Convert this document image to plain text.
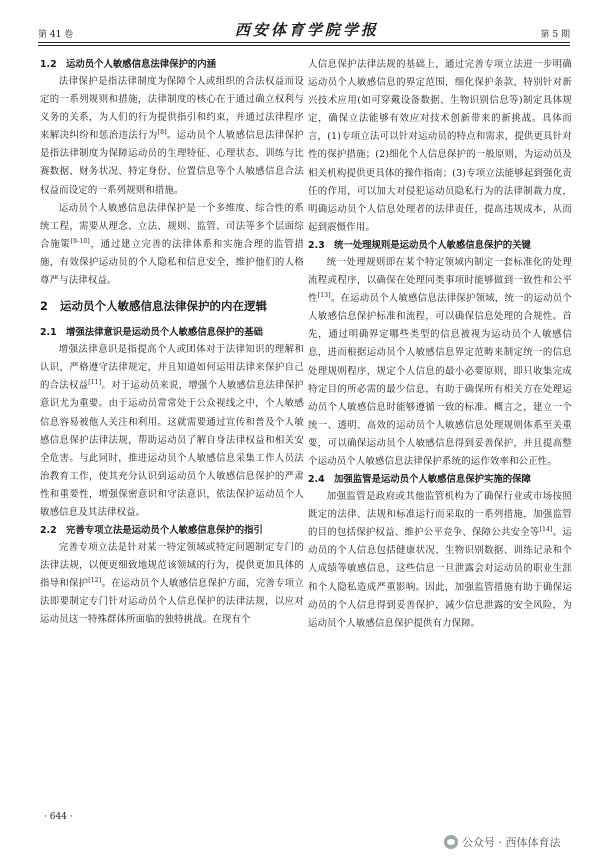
第 41 卷	西安体育学院学报	第 5 期
1.2 运动员个人敏感信息法律保护的内涵

法律保护是指法律制度为保障个人或组织的合法权益而设定的一系列规则和措施，法律制度的核心在于通过确立权利与义务的关系，为人们的行为提供指引和约束，并通过法律程序来解决纠纷和惩治违法行为[8]。运动员个人敏感信息法律保护是指法律制度为保障运动员的生理特征、心理状态、训练与比赛数据、财务状况、特定身份、位置信息等个人敏感信息合法权益而设定的一系列规则和措施。

运动员个人敏感信息法律保护是一个多维度、综合性的系统工程，需要从理念、立法、规则、监管、司法等多个层面综合施策[9-10]，通过建立完善的法律体系和实施合理的监管措施，有效保护运动员的个人隐私和信息安全，维护他们的人格尊严与法律权益。

2	运动员个人敏感信息法律保护的内在逻辑
2.1 增强法律意识是运动员个人敏感信息保护的基础

增强法律意识是指提高个人或团体对于法律知识的理解和认识，严格遵守法律规定，并且知道如何运用法律来保护自己的合法权益[11]。对于运动员来说，增强个人敏感信息法律保护意识尤为重要。由于运动员常常处于公众视线之中，个人敏感信息容易被他人关注和利用。这就需要通过宣传和普及个人敏感信息保护法律法规，帮助运动员了解自身法律权益和相关安全危害。与此同时，推进运动员个人敏感信息采集工作人员法治教育工作，使其充分认识到运动员个人敏感信息保护的严肃性和重要性，增强保密意识和守法意识，依法保护运动员个人敏感信息及其法律权益。

2.2 完善专项立法是运动员个人敏感信息保护的指引

完善专项立法是针对某一特定领域或特定问题制定专门的法律法规，以便更细致地规范该领域的行为，提供更加具体的指导和保护[12]。在运动员个人敏感信息保护方面，完善专项立法即要制定专门针对运动员个人信息保护的法律法规，以应对运动员这一特殊群体所面临的独特挑战。在现有个

人信息保护法律法规的基础上，通过完善专项立法进一步明确运动员个人敏感信息的界定范围，细化保护条款，特别针对新兴技术应用(如可穿戴设备数据、生物识别信息等)制定具体规定，确保立法能够有效应对技术创新带来的新挑战。具体而言，(1)专项立法可以针对运动员的特点和需求，提供更具针对性的保护措施；(2)细化个人信息保护的一般原则，为运动员及相关机构提供更具体的操作指南；(3)专项立法能够起到强化责任的作用，可以加大对侵犯运动员隐私行为的法律制裁力度，明确运动员个人信息处理者的法律责任，提高违规成本，从而起到震慑作用。

2.3 统一处理规则是运动员个人敏感信息保护的关键

统一处理规则即在某个特定领域内制定一套标准化的处理流程或程序，以确保在处理同类事项时能够做到一致性和公平性[13]。在运动员个人敏感信息法律保护领域，统一的运动员个人敏感信息保护标准和流程，可以确保信息处理的合规性。首先，通过明确界定哪些类型的信息被视为运动员个人敏感信息，进而根据运动员个人敏感信息界定范畴来制定统一的信息处理规则程序，规定个人信息的最小必要原则，即只收集完成特定目的所必需的最少信息，有助于确保所有相关方在处理运动员个人敏感信息时能够遵循一致的标准。概言之，建立一个统一、透明、高效的运动员个人敏感信息处理规则体系至关重要，可以确保运动员个人敏感信息得到妥善保护，并且提高整个运动员个人敏感信息法律保护系统的运作效率和公正性。

2.4 加强监管是运动员个人敏感信息保护实施的保障

加强监管是政府或其他监管机构为了确保行业或市场按照既定的法律、法规和标准运行而采取的一系列措施，加强监管的目的包括保护权益、维护公平竞争、保障公共安全等[14]。运动员的个人信息包括健康状况、生物识别数据、训练记录和个人成绩等敏感信息，这些信息一旦泄露会对运动员的职业生涯和个人隐私造成严重影响。因此，加强监管措施有助于确保运动员的个人信息得到妥善保护，减少信息泄露的安全风险，为运动员个人敏感信息保护提供有力保障。

· 644 ·
公众号 · 西体体育法
